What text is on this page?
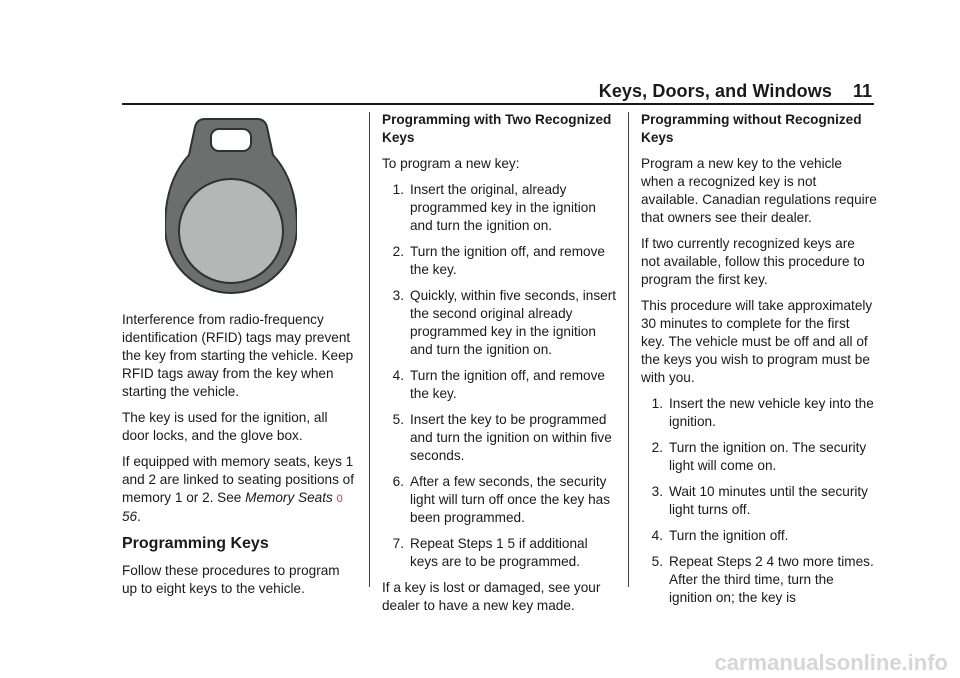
Keys, Doors, and Windows 11

Interference from radio-frequency identification (RFID) tags may prevent the key from starting the vehicle. Keep RFID tags away from the key when starting the vehicle.

The key is used for the ignition, all door locks, and the glove box.

If equipped with memory seats, keys 1 and 2 are linked to seating positions of memory 1 or 2. See Memory Seats 0 56.

Programming Keys

Follow these procedures to program up to eight keys to the vehicle.

Programming with Two Recognized Keys

To program a new key:

1. Insert the original, already programmed key in the ignition and turn the ignition on.
2. Turn the ignition off, and remove the key.
3. Quickly, within five seconds, insert the second original already programmed key in the ignition and turn the ignition on.
4. Turn the ignition off, and remove the key.
5. Insert the key to be programmed and turn the ignition on within five seconds.
6. After a few seconds, the security light will turn off once the key has been programmed.
7. Repeat Steps 1 5 if additional keys are to be programmed.

If a key is lost or damaged, see your dealer to have a new key made.

Programming without Recognized Keys

Program a new key to the vehicle when a recognized key is not available. Canadian regulations require that owners see their dealer.

If two currently recognized keys are not available, follow this procedure to program the first key.

This procedure will take approximately 30 minutes to complete for the first key. The vehicle must be off and all of the keys you wish to program must be with you.

1. Insert the new vehicle key into the ignition.
2. Turn the ignition on. The security light will come on.
3. Wait 10 minutes until the security light turns off.
4. Turn the ignition off.
5. Repeat Steps 2 4 two more times. After the third time, turn the ignition on; the key is
carmanualsonline.info
